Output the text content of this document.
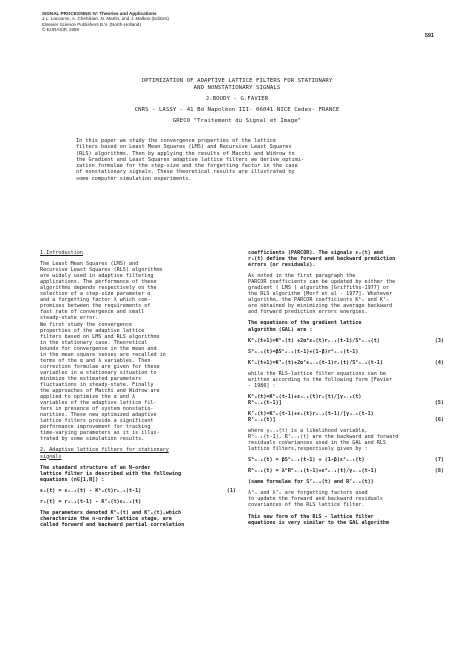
SIGNAL PROCESSING IV: Theories and Applications
J.L. Lacoume, A. Chehikian, N. Martin, and J. Malbos (Editors)
Elsevier Science Publishers B.V. (North-Holland)
© EURASIP, 1988
591
OPTIMIZATION OF ADAPTIVE LATTICE FILTERS FOR STATIONARY
AND NONSTATIONARY SIGNALS
J.BOUDY - G.FAVIER
CNRS - LASSY - 41 Bd Napoléon III- 06041 NICE Cedex- FRANCE
GRECO "Traitement du Signal et Image"
In this paper we study the convergence properties of the lattice
filters based on Least Mean Squares (LMS) and Recursive Least Squares
(RLS) algorithms. Then by applying the results of Macchi and Widrow to
the Gradient and Least Squares adaptive lattice filters we derive optimi-
zation formulae for the step-size and the forgetting factor in the case
of nonstationary signals. These theoretical results are illustrated by
some computer simulation experiments.
1.Introduction
The Least Mean Squares (LMS) and
Recursive Least Squares (RLS) algorithms
are widely used in adaptive filtering
applications. The performance of these
algorithms depends respectively on the
selection of a step-size parameter α
and a forgetting factor λ which com-
promises between the requirements of
fast rate of convergence and small
steady-state error.
We first study the convergence
properties of the adaptive lattice
filters based on LMS and RLS algorithms
in the stationary case. Theoretical
bounds for convergence in the mean and
in the mean square senses are recalled in
terms of the α and λ variables. Then
correction formulae are given for these
variables in a stationary situation to
minimize the estimated parameters
fluctuations in steady-state. Finally
the approaches of Macchi and Widrow are
applied to optimize the α and λ
variables of the adaptive lattice fil-
ters in presence of system nonstatio-
narities. These new optimized adaptive
lattice filters provide a significant
performance improvement for tracking
time-varying parameters as it is illus-
trated by some simulation results.
2. Adaptive lattice filters for stationary
signals
The standard structure of an N-order
lattice filter is described with the following
equations (n∈[1,N]) :
(1)
εₙ(t) = εₙ₋₁(t) - Kᵇₙ(t)rₙ₋₁(t-1)
rₙ(t) = rₙ₋₁(t-1) - Kᶠₙ(t)εₙ₋₁(t)
The parameters denoted Kᵇₙ(t) and Kᶠₙ(t),which
characterize the n-order lattice stage, are
called forward and backward partial correlation
coefficients (PARCOR). The signals εₙ(t) and
rₙ(t) define the forward and backward prediction
errors (or residuals).
As noted in the first paragraph the
PARCOR coefficients can be updated by either the
gradient ( LMS ) algorithm [Griffiths-1977] or
the RLS algorithm [Morf et al - 1977]. Whatever
algorithm, the PARCOR coefficients Kᵇₙ and Kᶠₙ
are obtained by minimizing the average backward
and forward prediction errors energies.
The equations of the gradient lattice
algorithm (GAL) are :
(3)
Kᵇₙ(t+1)=Kᵇₙ(t) +2αᵇεₙ(t)rₙ₋₁(t-1)/Sᵇₙ₋₁(t)
Sᵇₙ₋₁(t)=βSᵇₙ₋₁(t-1)+(1-β)r²ₙ₋₁(t-1)
(4)
Kᶠₙ(t+1)=Kᶠₙ(t)+2αᶠεₙ₋₁(t-1)rₙ(t)/Sᶠₙ₋₁(t-1)
while the RLS-lattice filter equations can be
written according to the following form [Favier
- 1986] :
Kᵇₙ(t)=Kᵇₙ(t-1)+εₙ₋₁(t)rₙ(t)/[γₙ₋₁(t)
(5)
Rᵇₙ₋₁(t-1)]
Kᶠₙ(t)=Kᶠₙ(t-1)+εₙ(t)rₙ₋₁(t-1)/[γₙ₋₁(t-1)
(6)
Rᶠₙ₋₁(t)]
where γₙ₋₁(t) is a likelihood variable,
Rᵇₙ₋₁(t-1), Rᶠₙ₋₁(t) are the backward and forward
residuals covariances used in the GAL and RLS
lattice filters,respectively given by :
(7)
Sᵇₙ₋₁(t) = βSᵇₙ₋₁(t-1) + (1-β)ε²ₙ₋₁(t)
(8)
Rᵇₙ₋₁(t) = λᵇRᵇₙ₋₁(t-1)+ε²ₙ₋₁(t)/γₙ₋₁(t-1)
(same formulae for Sᶠₙ₋₁(t) and Rᶠₙ₋₁(t))
λᵇₙ and λᶠₙ are forgetting factors used
to update the forward and backward residuals
covariances of the RLS lattice filter.
This new form of the RLS - lattice filter
equations is very similar to the GAL algorithm
